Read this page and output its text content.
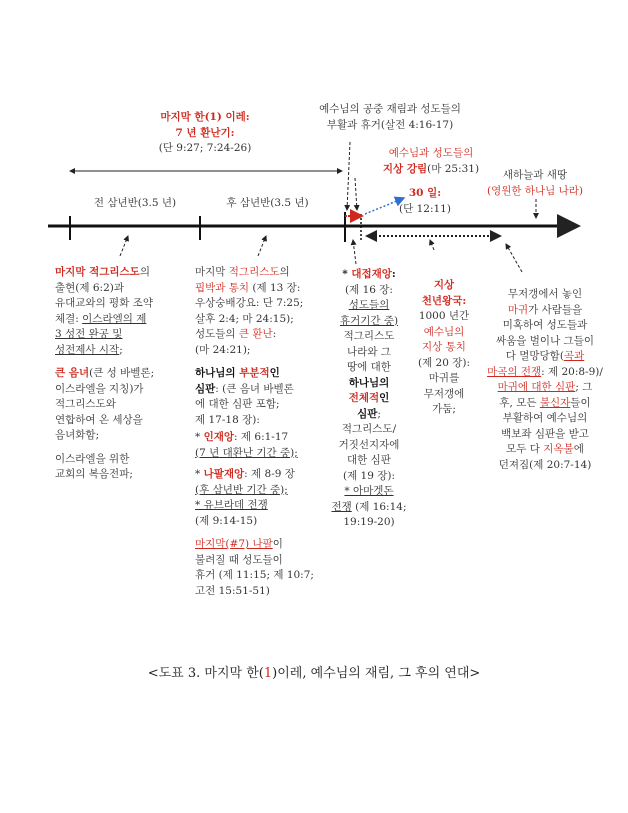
마지막 한(1) 이레:
7 년 환난기:
(단 9:27; 7:24-26)
예수님의 공중 재림과 성도들의
부활과 휴거(살전 4:16-17)
예수님과 성도들의
지상 강림(마 25:31)
30 일:
(단 12:11)
새하늘과 새땅
(영원한 하나님 나라)
전 삼년반(3.5 년)	후 삼년반(3.5 년)
마지막 적그리스도의
출현(제 6:2)과
유대교와의 평화 조약
체결: 이스라엘의 제
3 성전 완공 및
성전제사 시작;
큰 음녀(큰 성 바벨론;
이스라엘을 지칭)가
적그리스도와
연합하여 온 세상을
음녀화함;
이스라엘을 위한
교회의 복음전파;
마지막 적그리스도의
핍박과 통치 (제 13 장:
우상숭배강요: 단 7:25;
살후 2:4; 마 24:15);
성도들의 큰 환난:
(마 24:21);
하나님의 부분적인
심판: (큰 음녀 바벨론
에 대한 심판 포함;
제 17-18 장):
* 인재앙: 제 6:1-17
(7 년 대환난 기간 중);
* 나팔재앙: 제 8-9 장
(후 삼년반 기간 중);
* 유브라데 전쟁
(제 9:14-15)
마지막(#7) 나팔이
불려질 때 성도들이
휴거 (제 11:15; 제 10:7;
고전 15:51-51)
* 대접재앙:
(제 16 장:
성도들의
휴거기간 중)
적그리스도
나라와 그
땅에 대한
하나님의
전체적인
심판;
적그리스도/
거짓선지자에
대한 심판
(제 19 장):
* 아마겟돈
전쟁 (제 16:14;
19:19-20)
지상
천년왕국:
1000 년간
예수님의
지상 통치
(제 20 장):
마귀를
무저갱에
가둠;
무저갱에서 놓인
마귀가 사람들을
미혹하여 성도들과
싸움을 벌이나 그들이
다 멸망당함(곡과
마곡의 전쟁: 제 20:8-9)/
마귀에 대한 심판; 그
후, 모든 불신자들이
부활하여 예수님의
백보좌 심판을 받고
모두 다 지옥불에
던져짐(제 20:7-14)
<도표 3. 마지막 한(1)이레, 예수님의 재림, 그 후의 연대>
